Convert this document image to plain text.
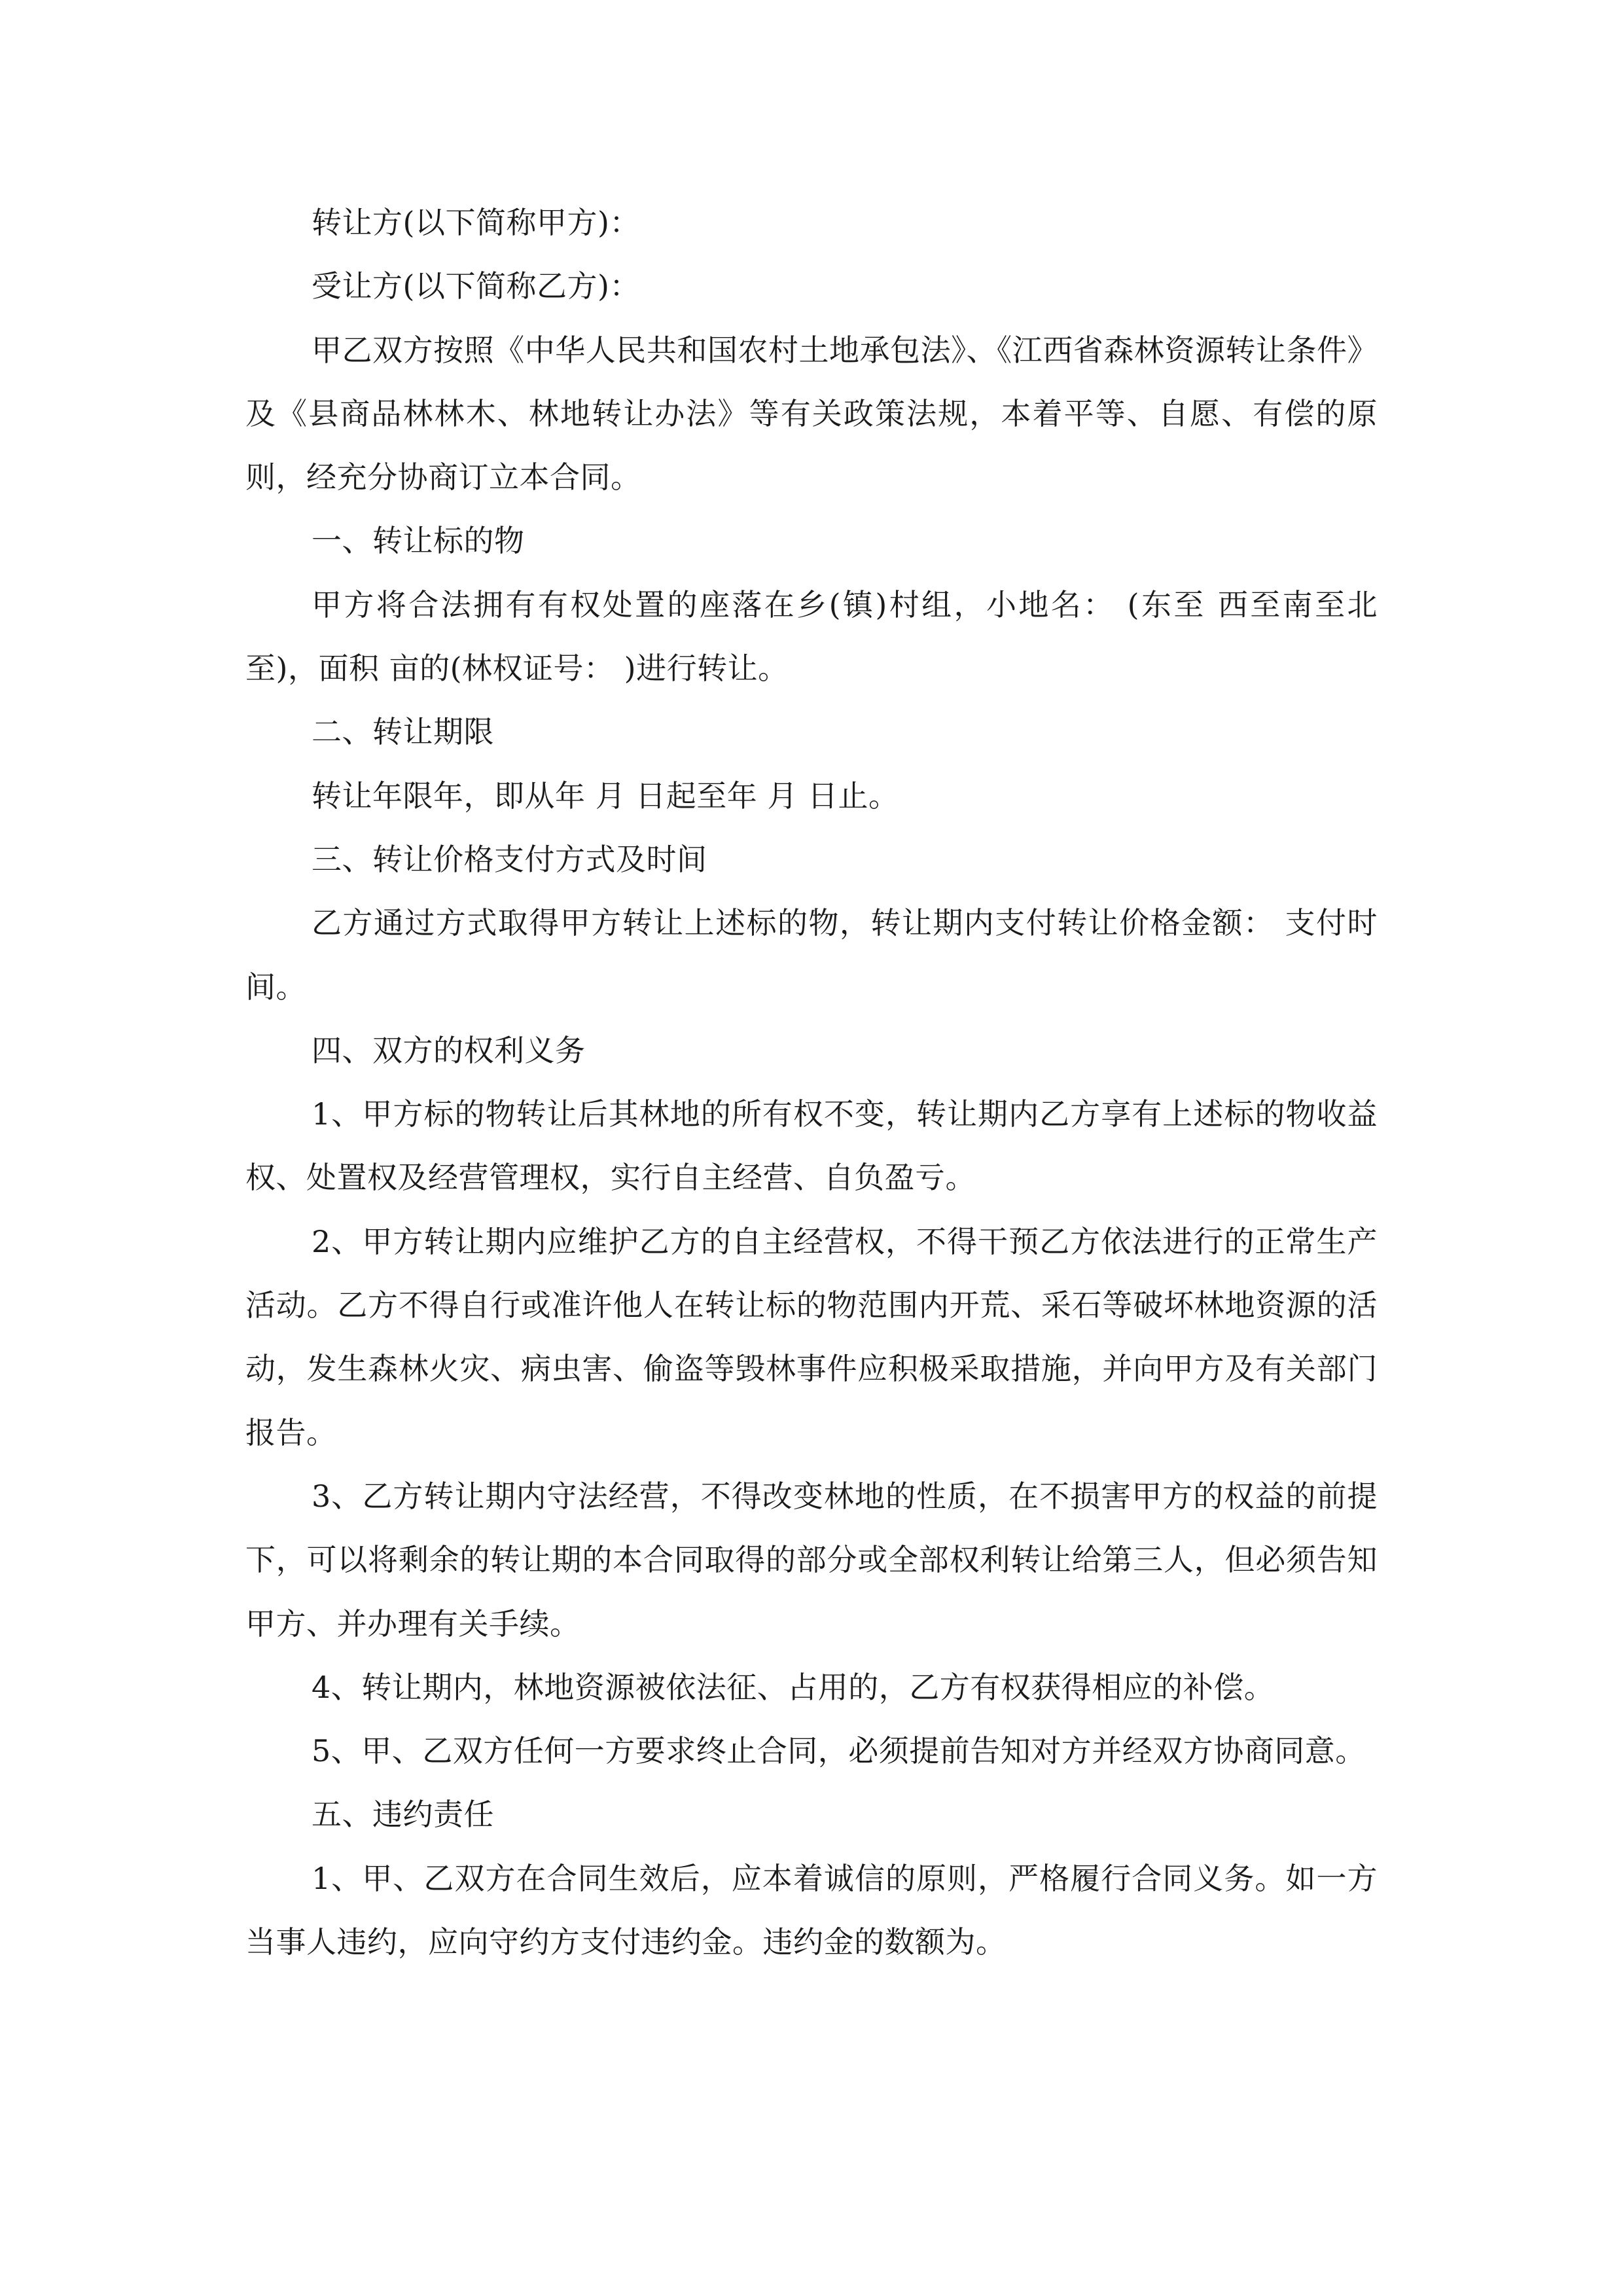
转让方(以下简称甲方)：

受让方(以下简称乙方)：

甲乙双方按照《中华人民共和国农村土地承包法》、《江西省森林资源转让条件》及《县商品林林木、林地转让办法》等有关政策法规，本着平等、自愿、有偿的原则，经充分协商订立本合同。

一、转让标的物

甲方将合法拥有有权处置的座落在乡(镇)村组，小地名： (东至 西至南至北至)，面积 亩的(林权证号： )进行转让。

二、转让期限

转让年限年，即从年 月 日起至年 月 日止。

三、转让价格支付方式及时间

乙方通过方式取得甲方转让上述标的物，转让期内支付转让价格金额： 支付时间。

四、双方的权利义务

1、甲方标的物转让后其林地的所有权不变，转让期内乙方享有上述标的物收益权、处置权及经营管理权，实行自主经营、自负盈亏。

2、甲方转让期内应维护乙方的自主经营权，不得干预乙方依法进行的正常生产活动。乙方不得自行或准许他人在转让标的物范围内开荒、采石等破坏林地资源的活动，发生森林火灾、病虫害、偷盗等毁林事件应积极采取措施，并向甲方及有关部门报告。

3、乙方转让期内守法经营，不得改变林地的性质，在不损害甲方的权益的前提下，可以将剩余的转让期的本合同取得的部分或全部权利转让给第三人，但必须告知甲方、并办理有关手续。

4、转让期内，林地资源被依法征、占用的，乙方有权获得相应的补偿。

5、甲、乙双方任何一方要求终止合同，必须提前告知对方并经双方协商同意。

五、违约责任

1、甲、乙双方在合同生效后，应本着诚信的原则，严格履行合同义务。如一方当事人违约，应向守约方支付违约金。违约金的数额为。
